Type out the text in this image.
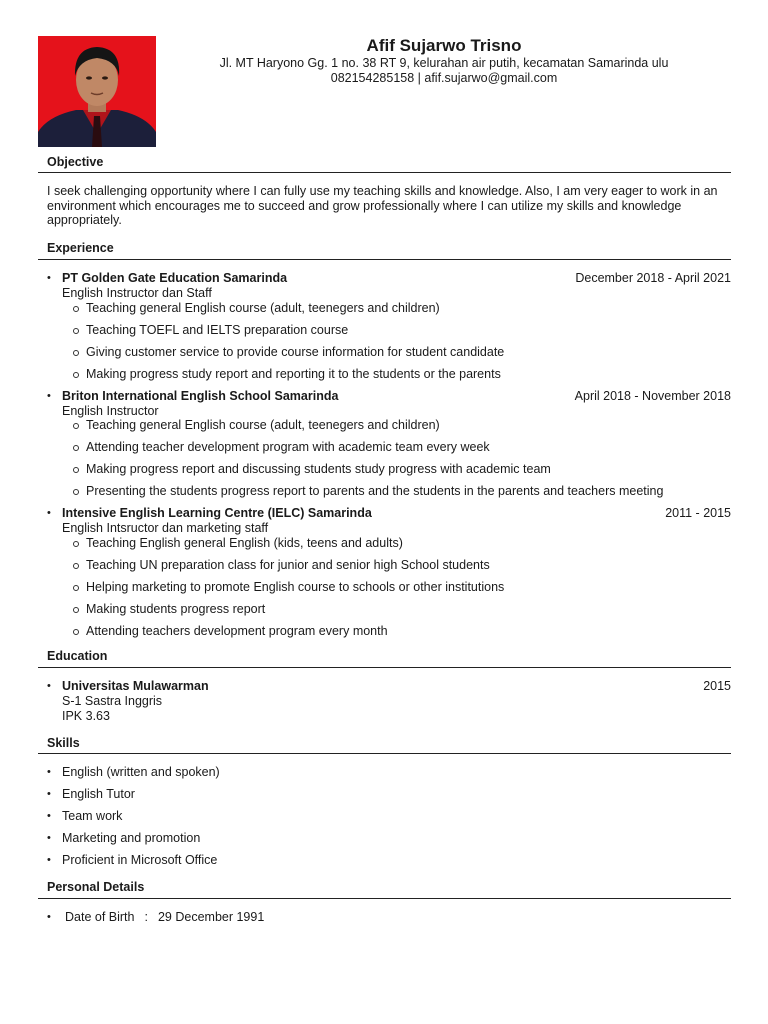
Afif Sujarwo Trisno
Jl. MT Haryono Gg. 1 no. 38 RT 9, kelurahan air putih, kecamatan Samarinda ulu
082154285158 | afif.sujarwo@gmail.com
Objective
I seek challenging opportunity where I can fully use my teaching skills and knowledge. Also, I am very eager to work in an environment which encourages me to succeed and grow professionally where I can utilize my skills and knowledge appropriately.
Experience
• PT Golden Gate Education Samarinda	December 2018 - April 2021
English Instructor dan Staff
Teaching general English course (adult, teenegers and children)
Teaching TOEFL and IELTS preparation course
Giving customer service to provide course information for student candidate
Making progress study report and reporting it to the students or the parents
• Briton International English School Samarinda	April 2018 - November 2018
English Instructor
Teaching general English course (adult, teenegers and children)
Attending teacher development program with academic team every week
Making progress report and discussing students study progress with academic team
Presenting the students progress report to parents and the students in the parents and teachers meeting
• Intensive English Learning Centre (IELC) Samarinda	2011 - 2015
English Intsructor dan marketing staff
Teaching English general English (kids, teens and adults)
Teaching UN preparation class for junior and senior high School students
Helping marketing to promote English course to schools or other institutions
Making students progress report
Attending teachers development program every month
Education
• Universitas Mulawarman	2015
S-1 Sastra Inggris
IPK 3.63
Skills
• English (written and spoken)
• English Tutor
• Team work
• Marketing and promotion
• Proficient in Microsoft Office
Personal Details
• Date of Birth : 29 December 1991
